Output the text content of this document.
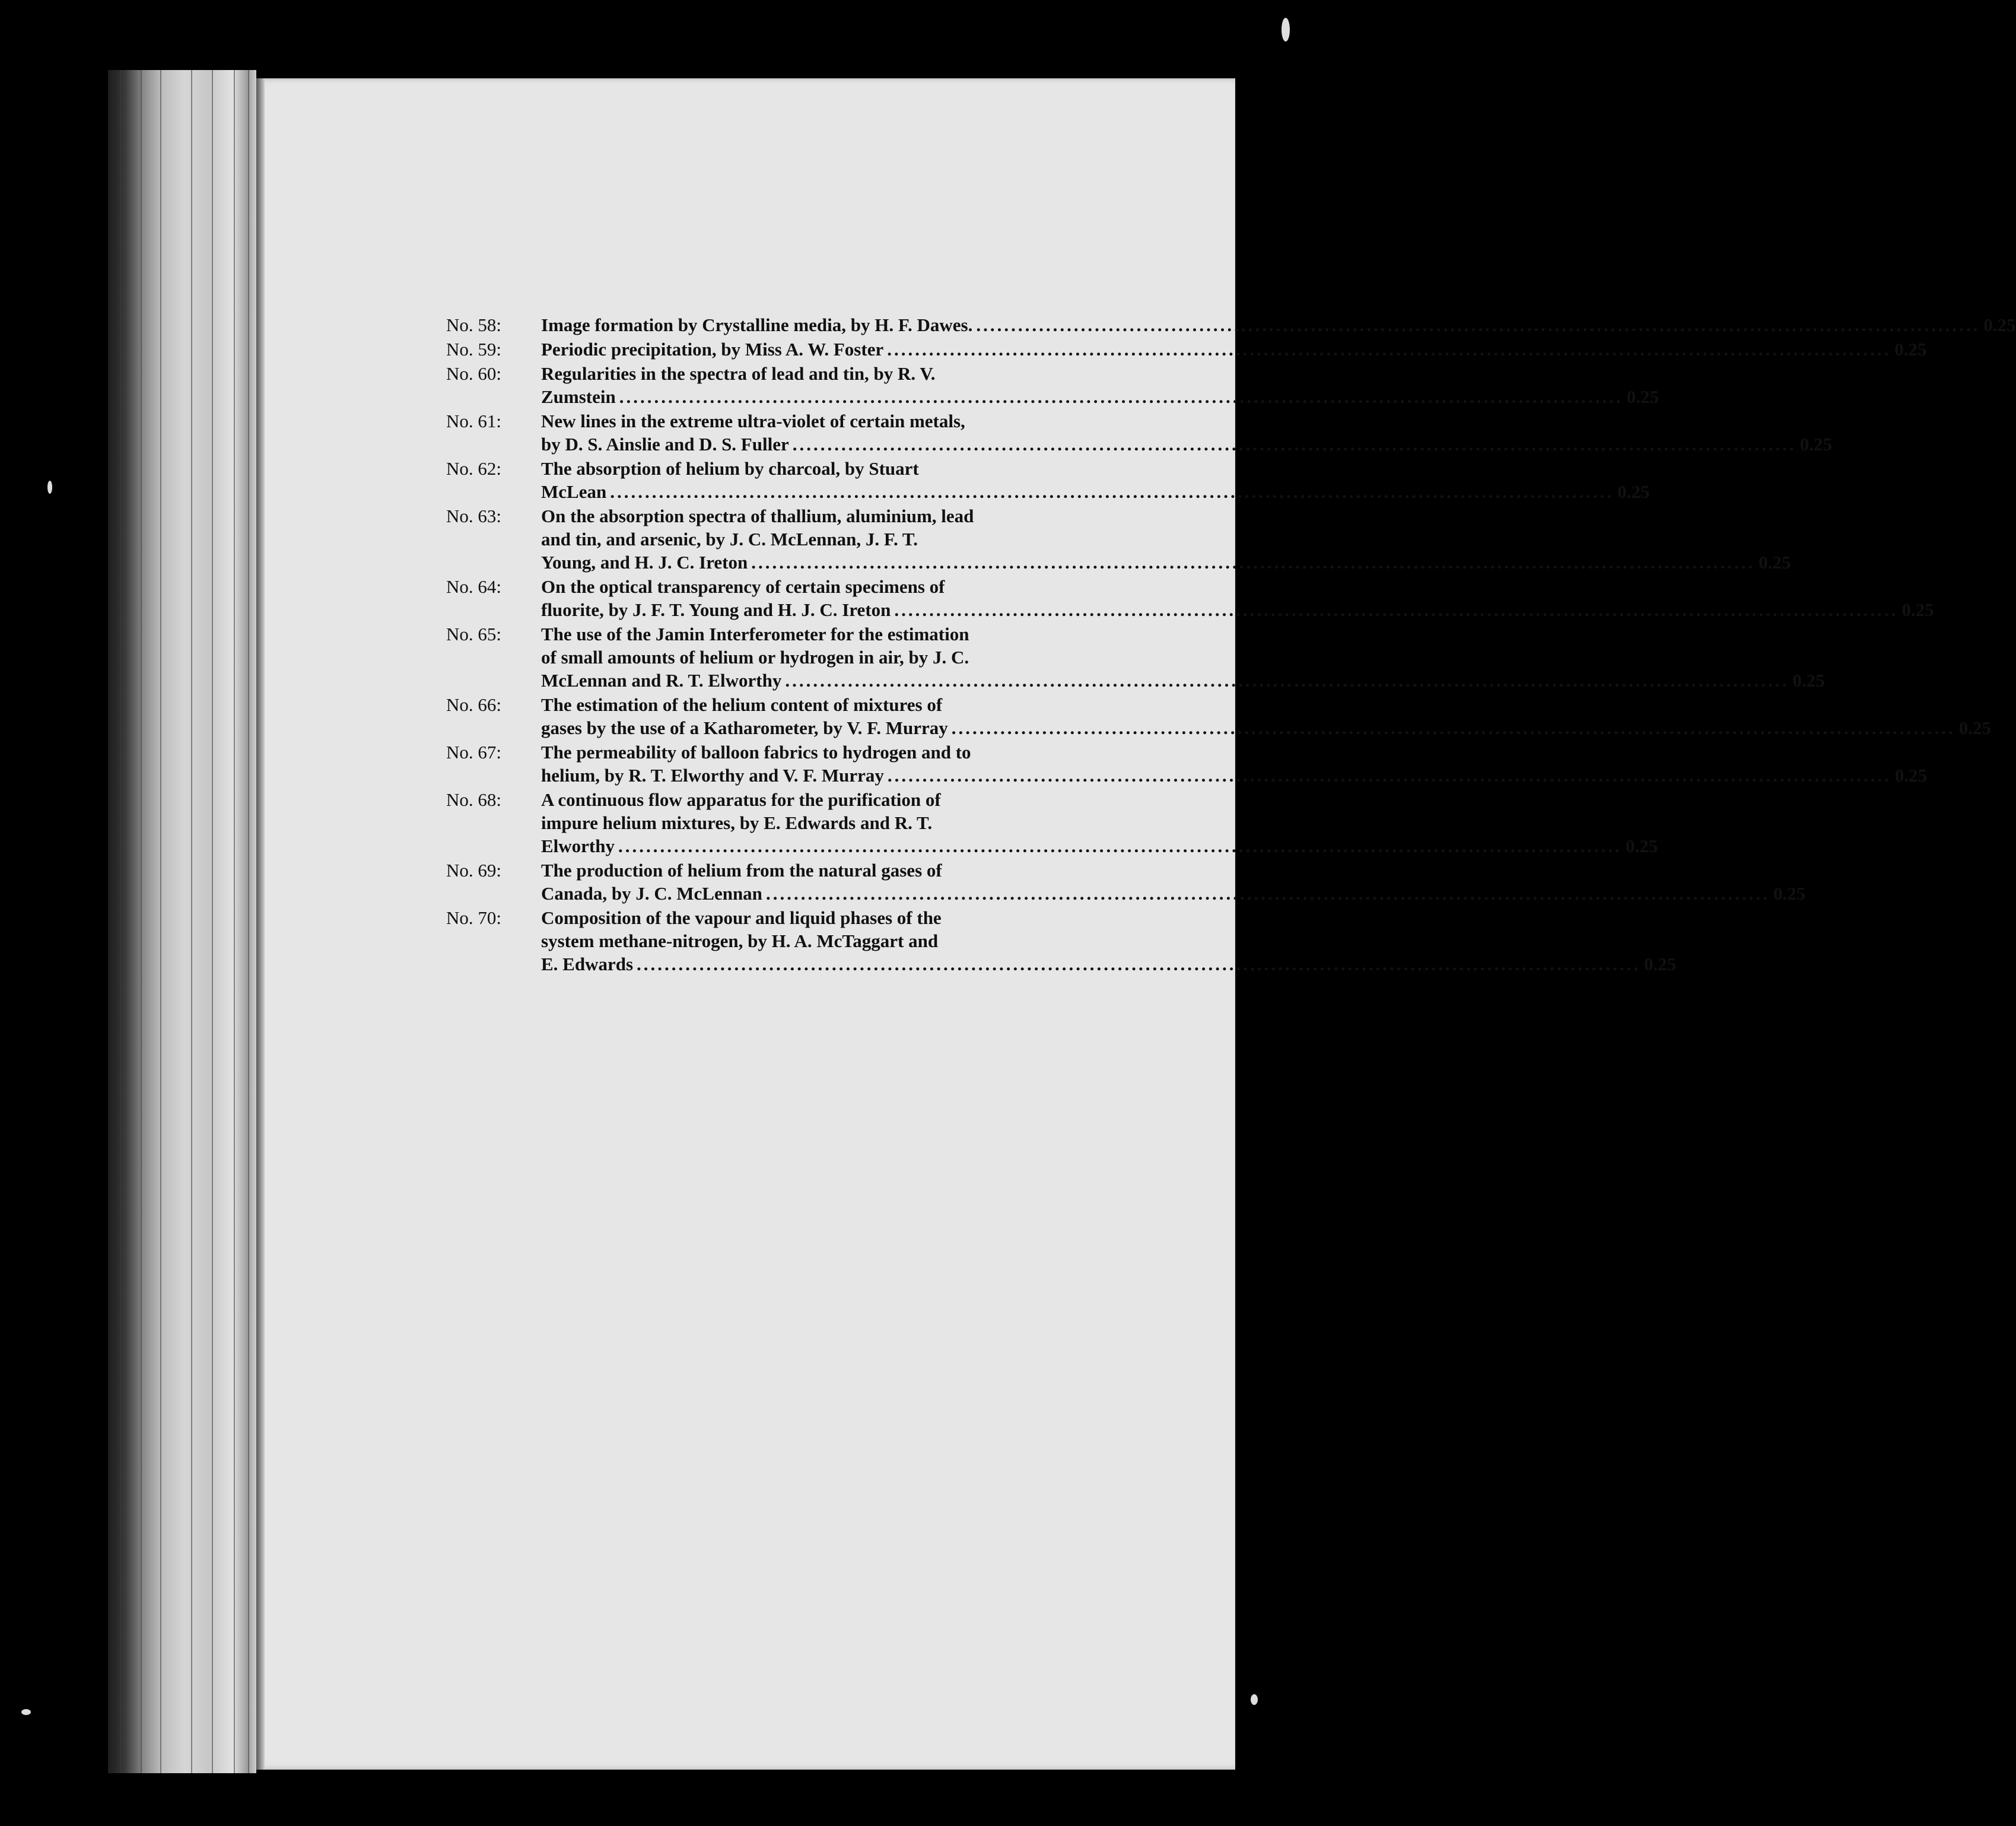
No. 58:	Image formation by Crystalline media, by H. F. Dawes. .....	0.25
No. 59:	Periodic precipitation, by Miss A. W. Foster .....	0.25
No. 60:	Regularities in the spectra of lead and tin, by R. V.
Zumstein .....	0.25
No. 61:	New lines in the extreme ultra-violet of certain metals,
by D. S. Ainslie and D. S. Fuller .....	0.25
No. 62:	The absorption of helium by charcoal, by Stuart
McLean .....	0.25
No. 63:	On the absorption spectra of thallium, aluminium, lead
and tin, and arsenic, by J. C. McLennan, J. F. T.
Young, and H. J. C. Ireton .....	0.25
No. 64:	On the optical transparency of certain specimens of
fluorite, by J. F. T. Young and H. J. C. Ireton .....	0.25
No. 65:	The use of the Jamin Interferometer for the estimation
of small amounts of helium or hydrogen in air, by J. C.
McLennan and R. T. Elworthy .....	0.25
No. 66:	The estimation of the helium content of mixtures of
gases by the use of a Katharometer, by V. F. Murray .....	0.25
No. 67:	The permeability of balloon fabrics to hydrogen and to
helium, by R. T. Elworthy and V. F. Murray .....	0.25
No. 68:	A continuous flow apparatus for the purification of
impure helium mixtures, by E. Edwards and R. T.
Elworthy .....	0.25
No. 69:	The production of helium from the natural gases of
Canada, by J. C. McLennan .....	0.25
No. 70:	Composition of the vapour and liquid phases of the
system methane-nitrogen, by H. A. McTaggart and
E. Edwards .....	0.25
